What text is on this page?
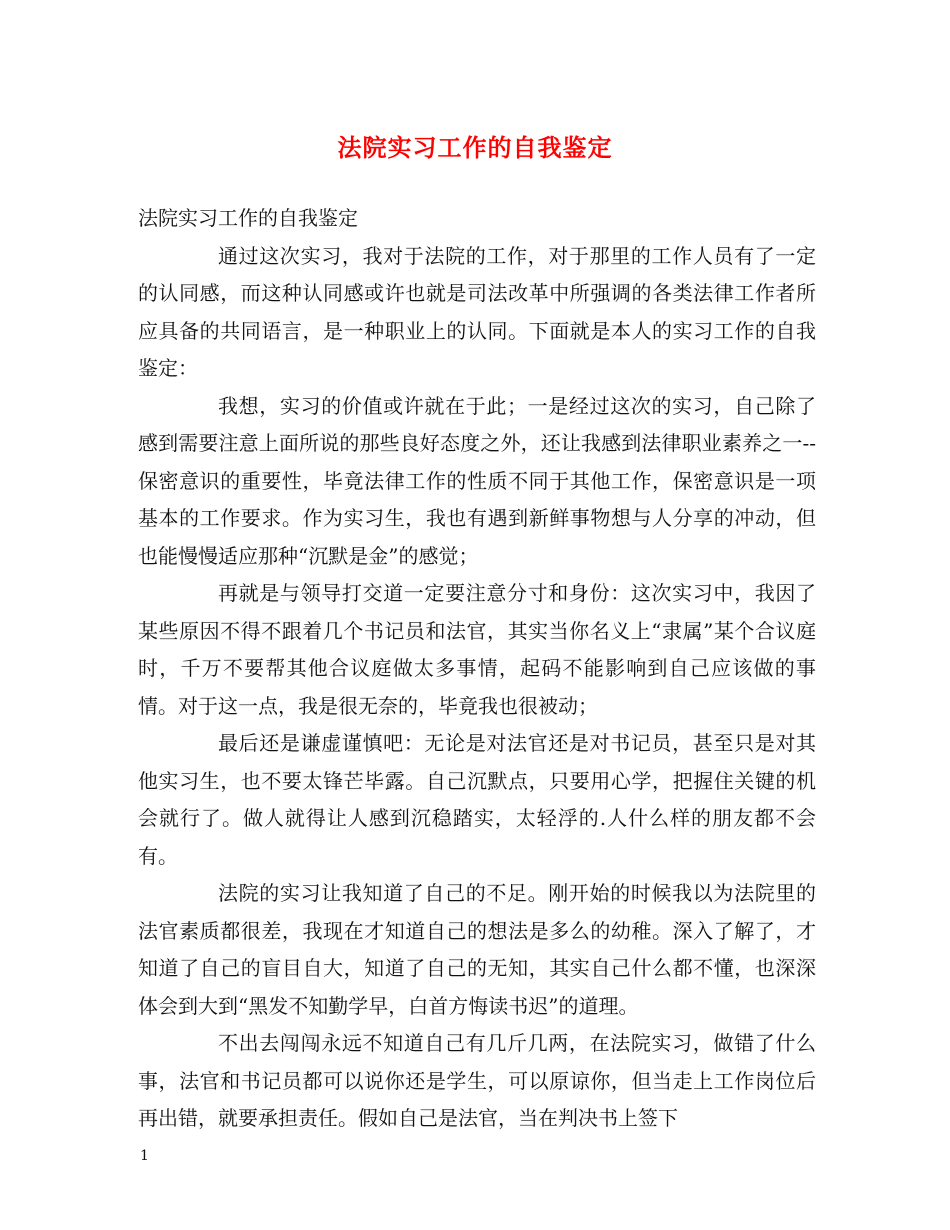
法院实习工作的自我鉴定

法院实习工作的自我鉴定

通过这次实习，我对于法院的工作，对于那里的工作人员有了一定的认同感，而这种认同感或许也就是司法改革中所强调的各类法律工作者所应具备的共同语言，是一种职业上的认同。下面就是本人的实习工作的自我鉴定：

我想，实习的价值或许就在于此；一是经过这次的实习，自己除了感到需要注意上面所说的那些良好态度之外，还让我感到法律职业素养之一--保密意识的重要性，毕竟法律工作的性质不同于其他工作，保密意识是一项基本的工作要求。作为实习生，我也有遇到新鲜事物想与人分享的冲动，但也能慢慢适应那种“沉默是金”的感觉；

再就是与领导打交道一定要注意分寸和身份：这次实习中，我因了某些原因不得不跟着几个书记员和法官，其实当你名义上“隶属”某个合议庭时，千万不要帮其他合议庭做太多事情，起码不能影响到自己应该做的事情。对于这一点，我是很无奈的，毕竟我也很被动；

最后还是谦虚谨慎吧：无论是对法官还是对书记员，甚至只是对其他实习生，也不要太锋芒毕露。自己沉默点，只要用心学，把握住关键的机会就行了。做人就得让人感到沉稳踏实，太轻浮的.人什么样的朋友都不会有。

法院的实习让我知道了自己的不足。刚开始的时候我以为法院里的法官素质都很差，我现在才知道自己的想法是多么的幼稚。深入了解了，才知道了自己的盲目自大，知道了自己的无知，其实自己什么都不懂，也深深体会到大到“黑发不知勤学早，白首方悔读书迟”的道理。

不出去闯闯永远不知道自己有几斤几两，在法院实习，做错了什么事，法官和书记员都可以说你还是学生，可以原谅你，但当走上工作岗位后再出错，就要承担责任。假如自己是法官，当在判决书上签下

1
